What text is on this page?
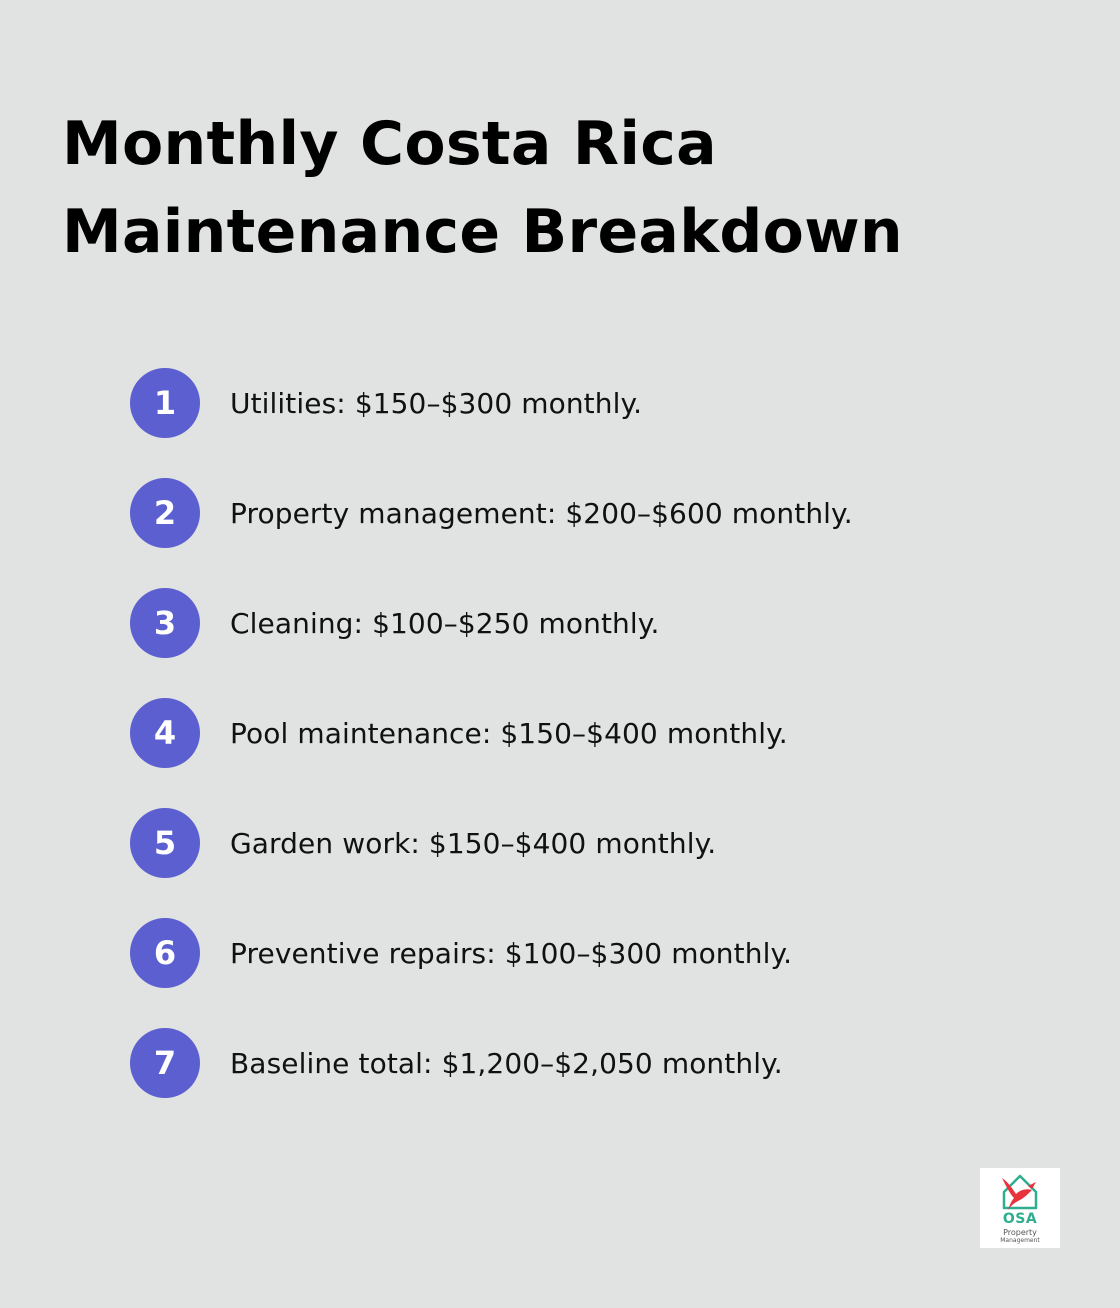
Monthly Costa Rica
Maintenance Breakdown
1	Utilities: $150–$300 monthly.
2	Property management: $200–$600 monthly.
3	Cleaning: $100–$250 monthly.
4	Pool maintenance: $150–$400 monthly.
5	Garden work: $150–$400 monthly.
6	Preventive repairs: $100–$300 monthly.
7	Baseline total: $1,200–$2,050 monthly.
OSA
Property
Management
